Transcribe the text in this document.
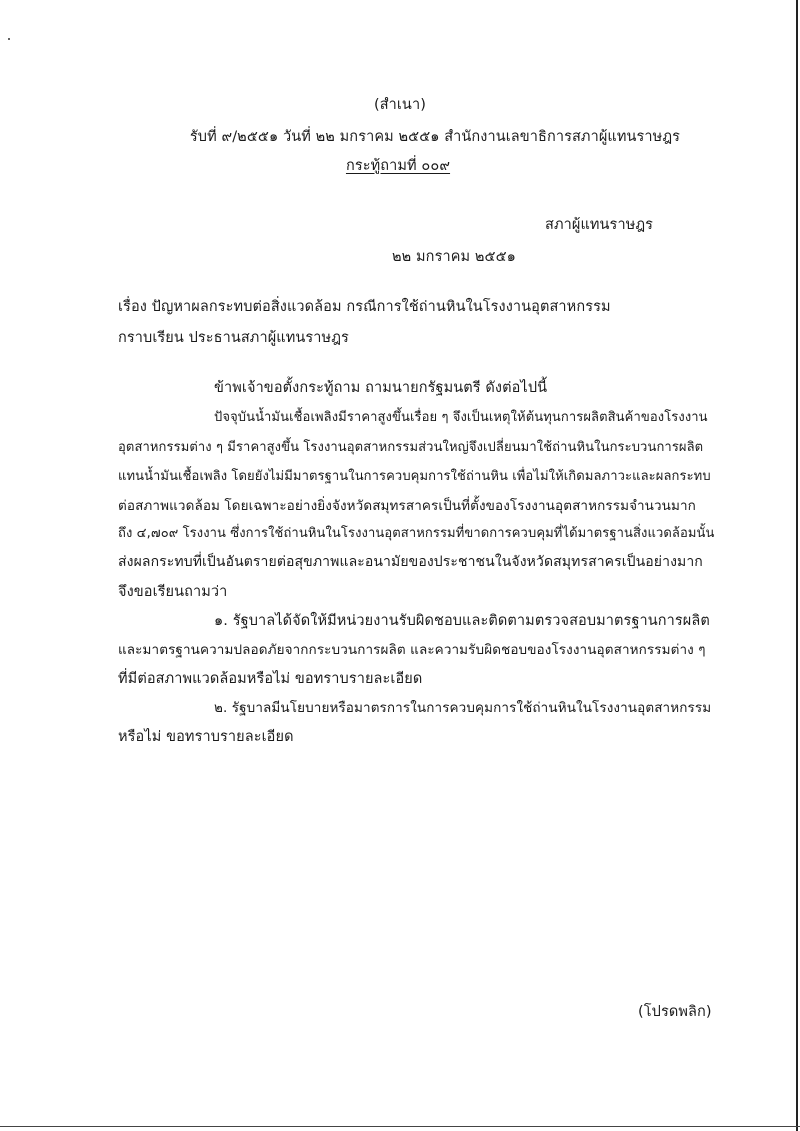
(สำเนา)
รับที่ ๙/๒๕๕๑ วันที่ ๒๒ มกราคม ๒๕๕๑ สำนักงานเลขาธิการสภาผู้แทนราษฎร
กระทู้ถามที่ ๐๐๙
สภาผู้แทนราษฎร
๒๒ มกราคม ๒๕๕๑
เรื่อง ปัญหาผลกระทบต่อสิ่งแวดล้อม กรณีการใช้ถ่านหินในโรงงานอุตสาหกรรม
กราบเรียน ประธานสภาผู้แทนราษฎร
ข้าพเจ้าขอตั้งกระทู้ถาม ถามนายกรัฐมนตรี ดังต่อไปนี้
ปัจจุบันน้ำมันเชื้อเพลิงมีราคาสูงขึ้นเรื่อย ๆ จึงเป็นเหตุให้ต้นทุนการผลิตสินค้าของโรงงาน
อุตสาหกรรมต่าง ๆ มีราคาสูงขึ้น โรงงานอุตสาหกรรมส่วนใหญ่จึงเปลี่ยนมาใช้ถ่านหินในกระบวนการผลิต
แทนน้ำมันเชื้อเพลิง โดยยังไม่มีมาตรฐานในการควบคุมการใช้ถ่านหิน เพื่อไม่ให้เกิดมลภาวะและผลกระทบ
ต่อสภาพแวดล้อม โดยเฉพาะอย่างยิ่งจังหวัดสมุทรสาครเป็นที่ตั้งของโรงงานอุตสาหกรรมจำนวนมาก
ถึง ๔,๗๐๙ โรงงาน ซึ่งการใช้ถ่านหินในโรงงานอุตสาหกรรมที่ขาดการควบคุมที่ได้มาตรฐานสิ่งแวดล้อมนั้น
ส่งผลกระทบที่เป็นอันตรายต่อสุขภาพและอนามัยของประชาชนในจังหวัดสมุทรสาครเป็นอย่างมาก
จึงขอเรียนถามว่า
๑. รัฐบาลได้จัดให้มีหน่วยงานรับผิดชอบและติดตามตรวจสอบมาตรฐานการผลิต
และมาตรฐานความปลอดภัยจากกระบวนการผลิต และความรับผิดชอบของโรงงานอุตสาหกรรมต่าง ๆ
ที่มีต่อสภาพแวดล้อมหรือไม่ ขอทราบรายละเอียด
๒. รัฐบาลมีนโยบายหรือมาตรการในการควบคุมการใช้ถ่านหินในโรงงานอุตสาหกรรม
หรือไม่ ขอทราบรายละเอียด
(โปรดพลิก)
